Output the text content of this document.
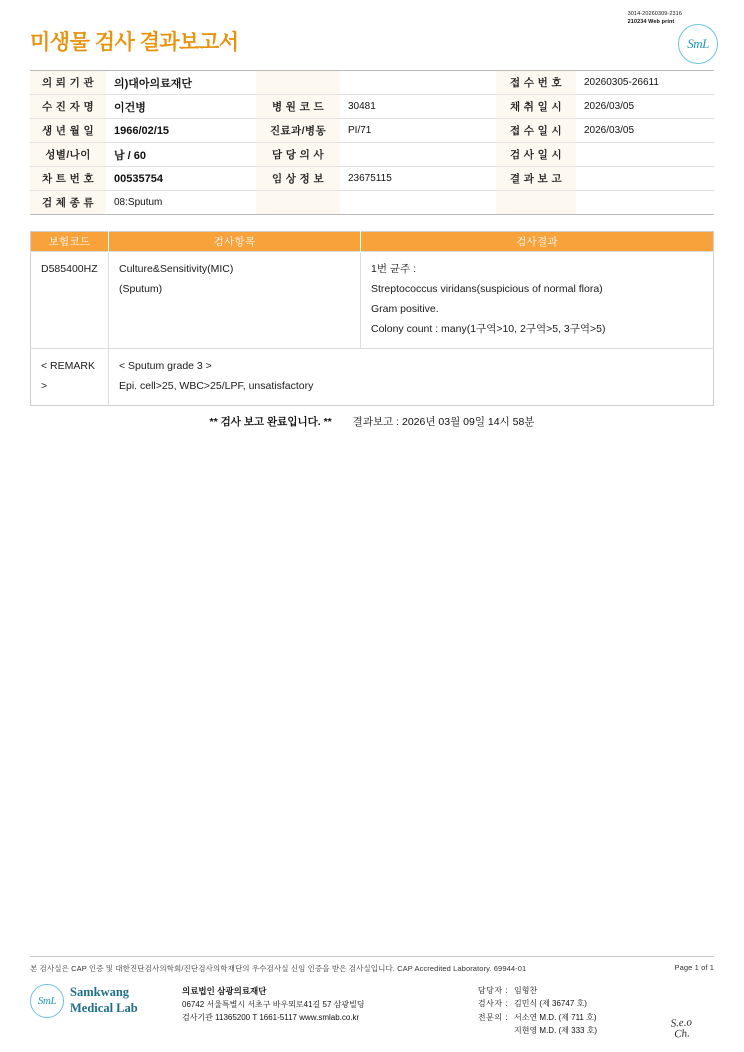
미생물 검사 결과보고서
3014-20260309-2316
210234 Web print
SmL
의 뢰 기 관	의)대아의료재단			접 수 번 호	20260305-26611
수 진 자 명	이건병	병 원 코 드	30481	채 취 일 시	2026/03/05
생 년 월 일	1966/02/15	진료과/병동	PI/71	접 수 일 시	2026/03/05
성별/나이	남 / 60	담 당 의 사		검 사 일 시	
차 트 번 호	00535754	임 상 정 보	23675115	결 과 보 고	
검 체 종 류	08:Sputum				
보험코드	검사항목	검사결과
D585400HZ	Culture&Sensitivity(MIC)
(Sputum)

1번 균주 :
Streptococcus viridans(suspicious of normal flora)
Gram positive.
Colony count : many(1구역>10, 2구역>5, 3구역>5)

< REMARK >	< Sputum grade 3 >
Epi. cell>25, WBC>25/LPF, unsatisfactory	
** 검사 보고 완료입니다. ** 결과보고 : 2026년 03월 09일 14시 58분
본 검사실은 CAP 인증 및 대한진단검사의학회/진단검사의학재단의 우수검사실 신임 인증을 받은 검사실입니다. CAP Accredited Laboratory. 69944-01	Page 1 of 1
SmL
Samkwang
Medical Lab
의료법인 삼광의료재단
06742 서울특별시 서초구 바우뫼로41길 57 삼광빌딩
검사기관 11365200 T 1661-5117 www.smlab.co.kr
담당자 : 임형찬
검사자 : 김민식 (제 36747 호)
전문의 : 서소연 M.D. (제 711 호)
지현영 M.D. (제 333 호)
S.e.o
Ch.
